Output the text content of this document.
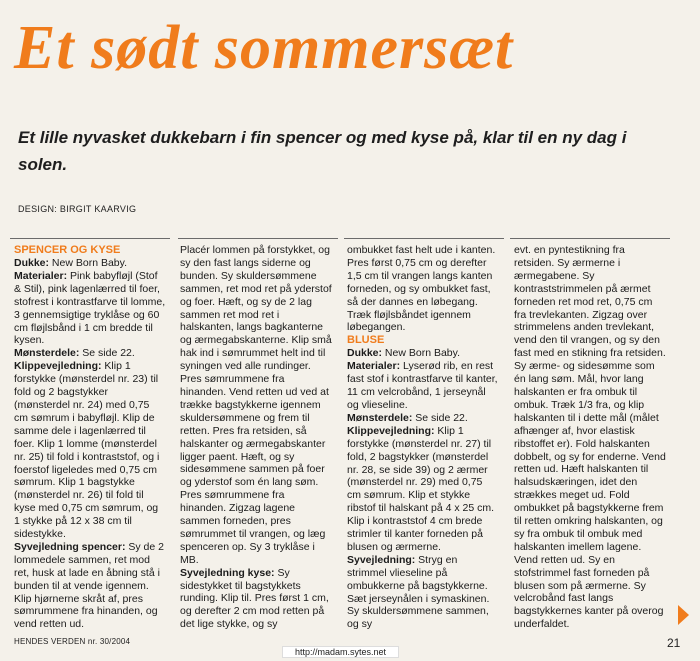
Et sødt sommersæt
Et lille nyvasket dukkebarn i fin spencer og med kyse på, klar til en ny dag i solen.
DESIGN: BIRGIT KAARVIG

SPENCER OG KYSE

Dukke: New Born Baby.

Materialer: Pink babyfløjl (Stof & Stil), pink lagenlærred til foer, stofrest i kontrastfarve til lomme, 3 gennemsigtige tryklåse og 60 cm fløjlsbånd i 1 cm bredde til kysen.

Mønsterdele: Se side 22.

Klippevejledning: Klip 1 forstykke (mønsterdel nr. 23) til fold og 2 bagstykker (mønsterdel nr. 24) med 0,75 cm sømrum i babyfløjl. Klip de samme dele i lagenlærred til foer. Klip 1 lomme (mønsterdel nr. 25) til fold i kontraststof, og i foerstof ligeledes med 0,75 cm sømrum. Klip 1 bagstykke (mønsterdel nr. 26) til fold til kyse med 0,75 cm sømrum, og 1 stykke på 12 x 38 cm til sidestykke.

Syvejledning spencer: Sy de 2 lommedele sammen, ret mod ret, husk at lade en åbning stå i bunden til at vende igennem. Klip hjørnerne skråt af, pres sømrummene fra hinanden, og vend retten ud.

Placér lommen på forstykket, og sy den fast langs siderne og bunden. Sy skuldersømmene sammen, ret mod ret på yderstof og foer. Hæft, og sy de 2 lag sammen ret mod ret i halskanten, langs bagkanterne og ærmegabskanterne. Klip små hak ind i sømrummet helt ind til syningen ved alle rundinger. Pres sømrummene fra hinanden. Vend retten ud ved at trække bagstykkerne igennem skuldersømmene og frem til retten. Pres fra retsiden, så halskanter og ærmegabskanter ligger paent. Hæft, og sy sidesømmene sammen på foer og yderstof som én lang søm. Pres sømrummene fra hinanden. Zigzag lagene sammen forneden, pres sømrummet til vrangen, og læg spenceren op. Sy 3 tryklåse i MB.

Syvejledning kyse: Sy sidestykket til bagstykkets runding. Klip til. Pres først 1 cm, og derefter 2 cm mod retten på det lige stykke, og sy

ombukket fast helt ude i kanten. Pres først 0,75 cm og derefter 1,5 cm til vrangen langs kanten forneden, og sy ombukket fast, så der dannes en løbegang. Træk fløjlsbåndet igennem løbegangen.

BLUSE

Dukke: New Born Baby.

Materialer: Lyserød rib, en rest fast stof i kontrastfarve til kanter, 11 cm velcrobånd, 1 jerseynål og vlieseline.

Mønsterdele: Se side 22.

Klippevejledning: Klip 1 forstykke (mønsterdel nr. 27) til fold, 2 bagstykker (mønsterdel nr. 28, se side 39) og 2 ærmer (mønsterdel nr. 29) med 0,75 cm sømrum. Klip et stykke ribstof til halskant på 4 x 25 cm. Klip i kontraststof 4 cm brede strimler til kanter forneden på blusen og ærmerne.

Syvejledning: Stryg en strimmel vlieseline på ombukkerne på bagstykkerne. Sæt jerseynålen i symaskinen. Sy skuldersømmene sammen, og sy

evt. en pyntestikning fra retsiden. Sy ærmerne i ærmegabene. Sy kontraststrimmelen på ærmet forneden ret mod ret, 0,75 cm fra trevlekanten. Zigzag over strimmelens anden trevlekant, vend den til vrangen, og sy den fast med en stikning fra retsiden. Sy ærme- og sidesømme som én lang søm. Mål, hvor lang halskanten er fra ombuk til ombuk. Træk 1/3 fra, og klip halskanten til i dette mål (målet afhænger af, hvor elastisk ribstoffet er). Fold halskanten dobbelt, og sy for enderne. Vend retten ud. Hæft halskanten til halsudskæringen, idet den strækkes meget ud. Fold ombukket på bagstykkerne frem til retten omkring halskanten, og sy fra ombuk til ombuk med halskanten imellem lagene. Vend retten ud. Sy en stofstrimmel fast forneden på blusen som på ærmerne. Sy velcrobånd fast langs bagstykkernes kanter på overog underfaldet.

HENDES VERDEN nr. 30/2004
http://madam.sytes.net
21
